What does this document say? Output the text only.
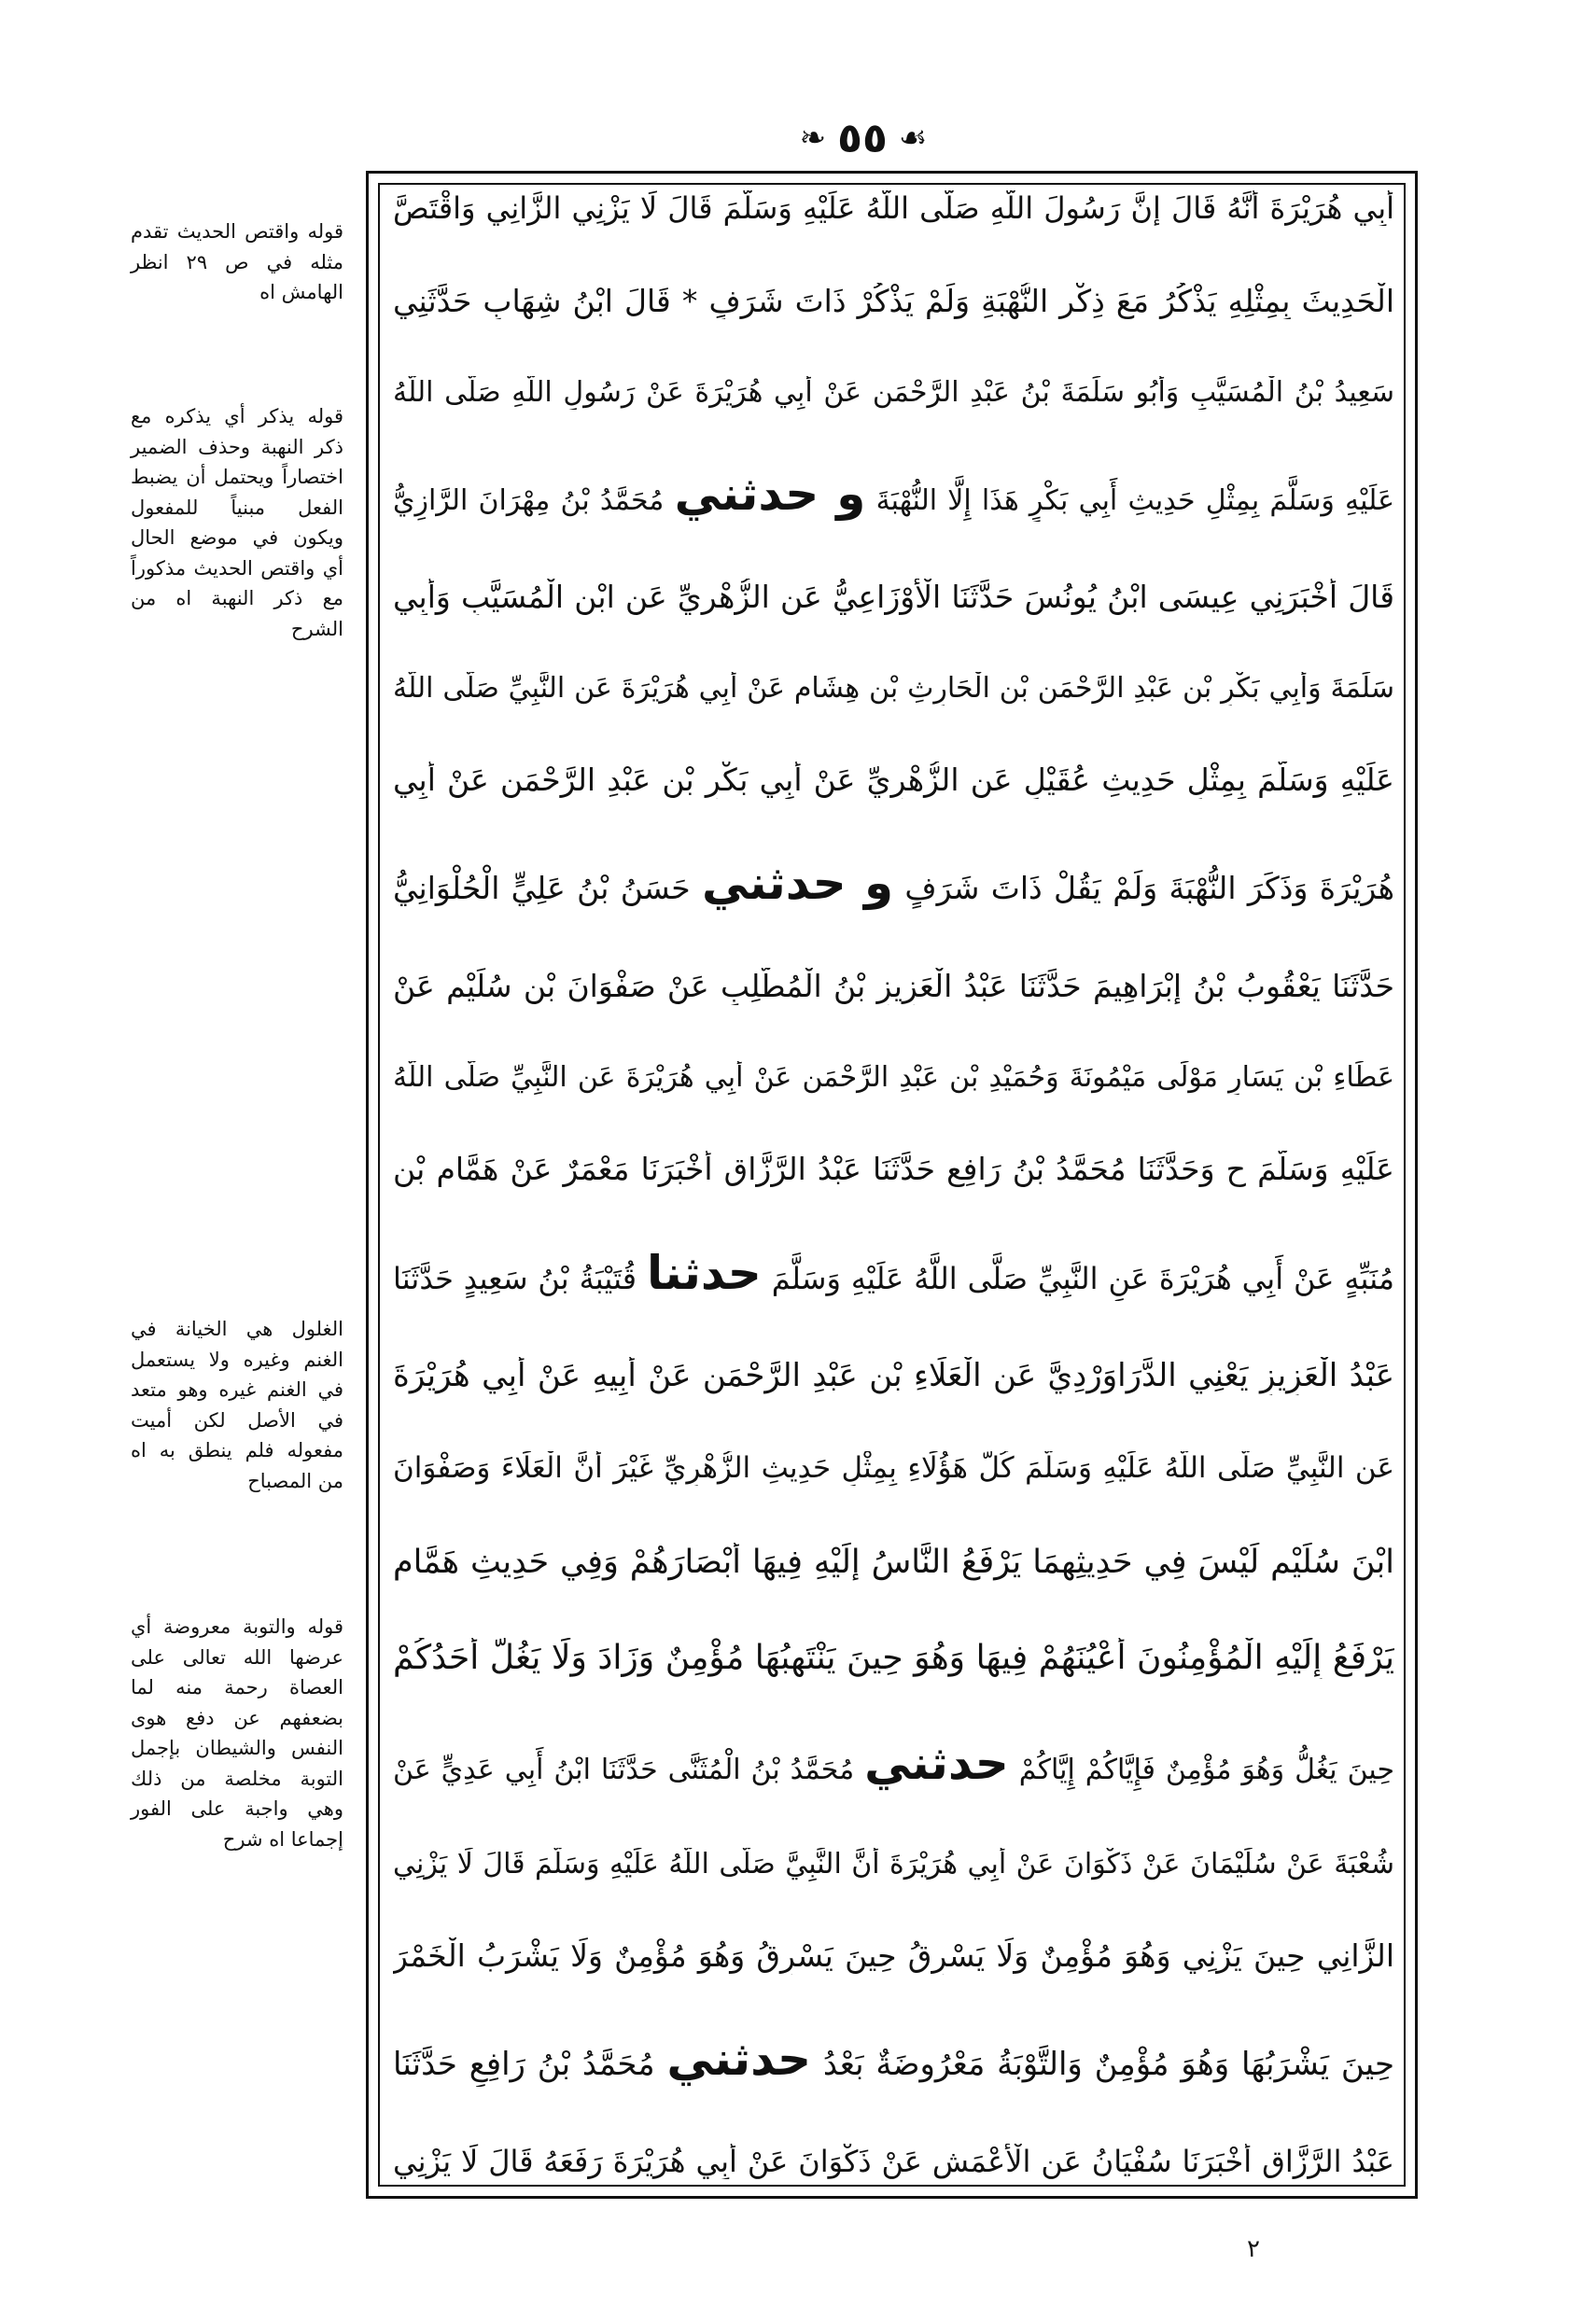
❧ ٥٥ ☙
أَبِي هُرَيْرَةَ أَنَّهُ قَالَ إِنَّ رَسُولَ اللَّهِ صَلَّى اللَّهُ عَلَيْهِ وَسَلَّمَ قَالَ لَا يَزْنِي الزَّانِي وَاقْتَصَّ
الْحَدِيثَ بِمِثْلِهِ يَذْكُرُ مَعَ ذِكْرِ النُّهْبَةِ وَلَمْ يَذْكُرْ ذَاتَ شَرَفٍ * قَالَ ابْنُ شِهَابٍ حَدَّثَنِي
سَعِيدُ بْنُ الْمُسَيَّبِ وَأَبُو سَلَمَةَ بْنُ عَبْدِ الرَّحْمَنِ عَنْ أَبِي هُرَيْرَةَ عَنْ رَسُولِ اللَّهِ صَلَّى اللَّهُ
عَلَيْهِ وَسَلَّمَ بِمِثْلِ حَدِيثِ أَبِي بَكْرٍ هَذَا إِلَّا النُّهْبَةَ و حدثني مُحَمَّدُ بْنُ مِهْرَانَ الرَّازِيُّ
قَالَ أَخْبَرَنِي عِيسَى ابْنُ يُونُسَ حَدَّثَنَا الْأَوْزَاعِيُّ عَنِ الزُّهْرِيِّ عَنِ ابْنِ الْمُسَيَّبِ وَأَبِي
سَلَمَةَ وَأَبِي بَكْرِ بْنِ عَبْدِ الرَّحْمَنِ بْنِ الْحَارِثِ بْنِ هِشَامٍ عَنْ أَبِي هُرَيْرَةَ عَنِ النَّبِيِّ صَلَّى اللَّهُ
عَلَيْهِ وَسَلَّمَ بِمِثْلِ حَدِيثِ عُقَيْلٍ عَنِ الزُّهْرِيِّ عَنْ أَبِي بَكْرِ بْنِ عَبْدِ الرَّحْمَنِ عَنْ أَبِي
هُرَيْرَةَ وَذَكَرَ النُّهْبَةَ وَلَمْ يَقُلْ ذَاتَ شَرَفٍ و حدثني حَسَنُ بْنُ عَلِيٍّ الْحُلْوَانِيُّ
حَدَّثَنَا يَعْقُوبُ بْنُ إِبْرَاهِيمَ حَدَّثَنَا عَبْدُ الْعَزِيزِ بْنُ الْمُطَّلِبِ عَنْ صَفْوَانَ بْنِ سُلَيْمٍ عَنْ
عَطَاءِ بْنِ يَسَارٍ مَوْلَى مَيْمُونَةَ وَحُمَيْدِ بْنِ عَبْدِ الرَّحْمَنِ عَنْ أَبِي هُرَيْرَةَ عَنِ النَّبِيِّ صَلَّى اللَّهُ
عَلَيْهِ وَسَلَّمَ ح وَحَدَّثَنَا مُحَمَّدُ بْنُ رَافِعٍ حَدَّثَنَا عَبْدُ الرَّزَّاقِ أَخْبَرَنَا مَعْمَرٌ عَنْ هَمَّامِ بْنِ
مُنَبِّهٍ عَنْ أَبِي هُرَيْرَةَ عَنِ النَّبِيِّ صَلَّى اللَّهُ عَلَيْهِ وَسَلَّمَ حدثنا قُتَيْبَةُ بْنُ سَعِيدٍ حَدَّثَنَا
عَبْدُ الْعَزِيزِ يَعْنِي الدَّرَاوَرْدِيَّ عَنِ الْعَلَاءِ بْنِ عَبْدِ الرَّحْمَنِ عَنْ أَبِيهِ عَنْ أَبِي هُرَيْرَةَ
عَنِ النَّبِيِّ صَلَّى اللَّهُ عَلَيْهِ وَسَلَّمَ كُلُّ هَؤُلَاءِ بِمِثْلِ حَدِيثِ الزُّهْرِيِّ غَيْرَ أَنَّ الْعَلَاءَ وَصَفْوَانَ
ابْنَ سُلَيْمٍ لَيْسَ فِي حَدِيثِهِمَا يَرْفَعُ النَّاسُ إِلَيْهِ فِيهَا أَبْصَارَهُمْ وَفِي حَدِيثِ هَمَّامٍ
يَرْفَعُ إِلَيْهِ الْمُؤْمِنُونَ أَعْيُنَهُمْ فِيهَا وَهُوَ حِينَ يَنْتَهِبُهَا مُؤْمِنٌ وَزَادَ وَلَا يَغُلُّ أَحَدُكُمْ
حِينَ يَغُلُّ وَهُوَ مُؤْمِنٌ فَإِيَّاكُمْ إِيَّاكُمْ حدثني مُحَمَّدُ بْنُ الْمُثَنَّى حَدَّثَنَا ابْنُ أَبِي عَدِيٍّ عَنْ
شُعْبَةَ عَنْ سُلَيْمَانَ عَنْ ذَكْوَانَ عَنْ أَبِي هُرَيْرَةَ أَنَّ النَّبِيَّ صَلَّى اللَّهُ عَلَيْهِ وَسَلَّمَ قَالَ لَا يَزْنِي
الزَّانِي حِينَ يَزْنِي وَهُوَ مُؤْمِنٌ وَلَا يَسْرِقُ حِينَ يَسْرِقُ وَهُوَ مُؤْمِنٌ وَلَا يَشْرَبُ الْخَمْرَ
حِينَ يَشْرَبُهَا وَهُوَ مُؤْمِنٌ وَالتَّوْبَةُ مَعْرُوضَةٌ بَعْدُ حدثني مُحَمَّدُ بْنُ رَافِعٍ حَدَّثَنَا
عَبْدُ الرَّزَّاقِ أَخْبَرَنَا سُفْيَانُ عَنِ الْأَعْمَشِ عَنْ ذَكْوَانَ عَنْ أَبِي هُرَيْرَةَ رَفَعَهُ قَالَ لَا يَزْنِي
قوله واقتص الحديث تقدم مثله في ص ٢٩ انظر الهامش اه
قوله يذكر أي يذكره مع ذكر النهبة وحذف الضمير اختصاراً ويحتمل أن يضبط الفعل مبنياً للمفعول ويكون في موضع الحال أي واقتص الحديث مذكوراً مع ذكر النهبة اه من الشرح
الغلول هي الخيانة في الغنم وغيره ولا يستعمل في الغنم غيره وهو متعد في الأصل لكن أميت مفعوله فلم ينطق به اه من المصباح
قوله والتوبة معروضة أي عرضها الله تعالى على العصاة رحمة منه لما بضعفهم عن دفع هوى النفس والشيطان بإجمل التوبة مخلصة من ذلك وهي واجبة على الفور إجماعا اه شرح
٢
